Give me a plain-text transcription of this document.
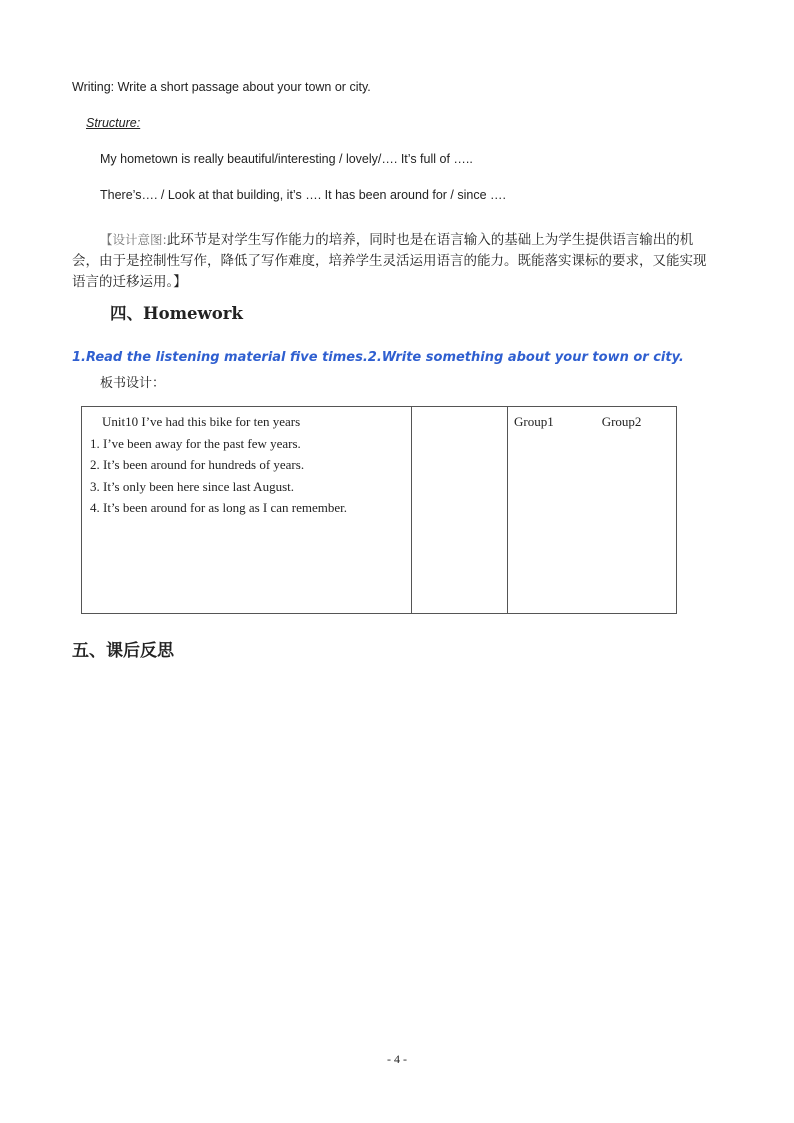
Writing: Write a short passage about your town or city.
Structure:
My hometown is really beautiful/interesting / lovely/…. It’s full of …..
There’s…. / Look at that building, it’s …. It has been around for / since ….
【设计意图:此环节是对学生写作能力的培养，同时也是在语言输入的基础上为学生提供语言输出的机会，由于是控制性写作，降低了写作难度，培养学生灵活运用语言的能力。既能落实课标的要求，又能实现语言的迁移运用。】
四、Homework
1.Read the listening material five times.2.Write something about your town or city.
板书设计：
Unit10 I’ve had this bike for ten years
1. I’ve been away for the past few years.
2. It’s been around for hundreds of years.
3. It’s only been here since last August.
4. It’s been around for as long as I can remember.

Group1	Group2
五、课后反思
- 4 -
